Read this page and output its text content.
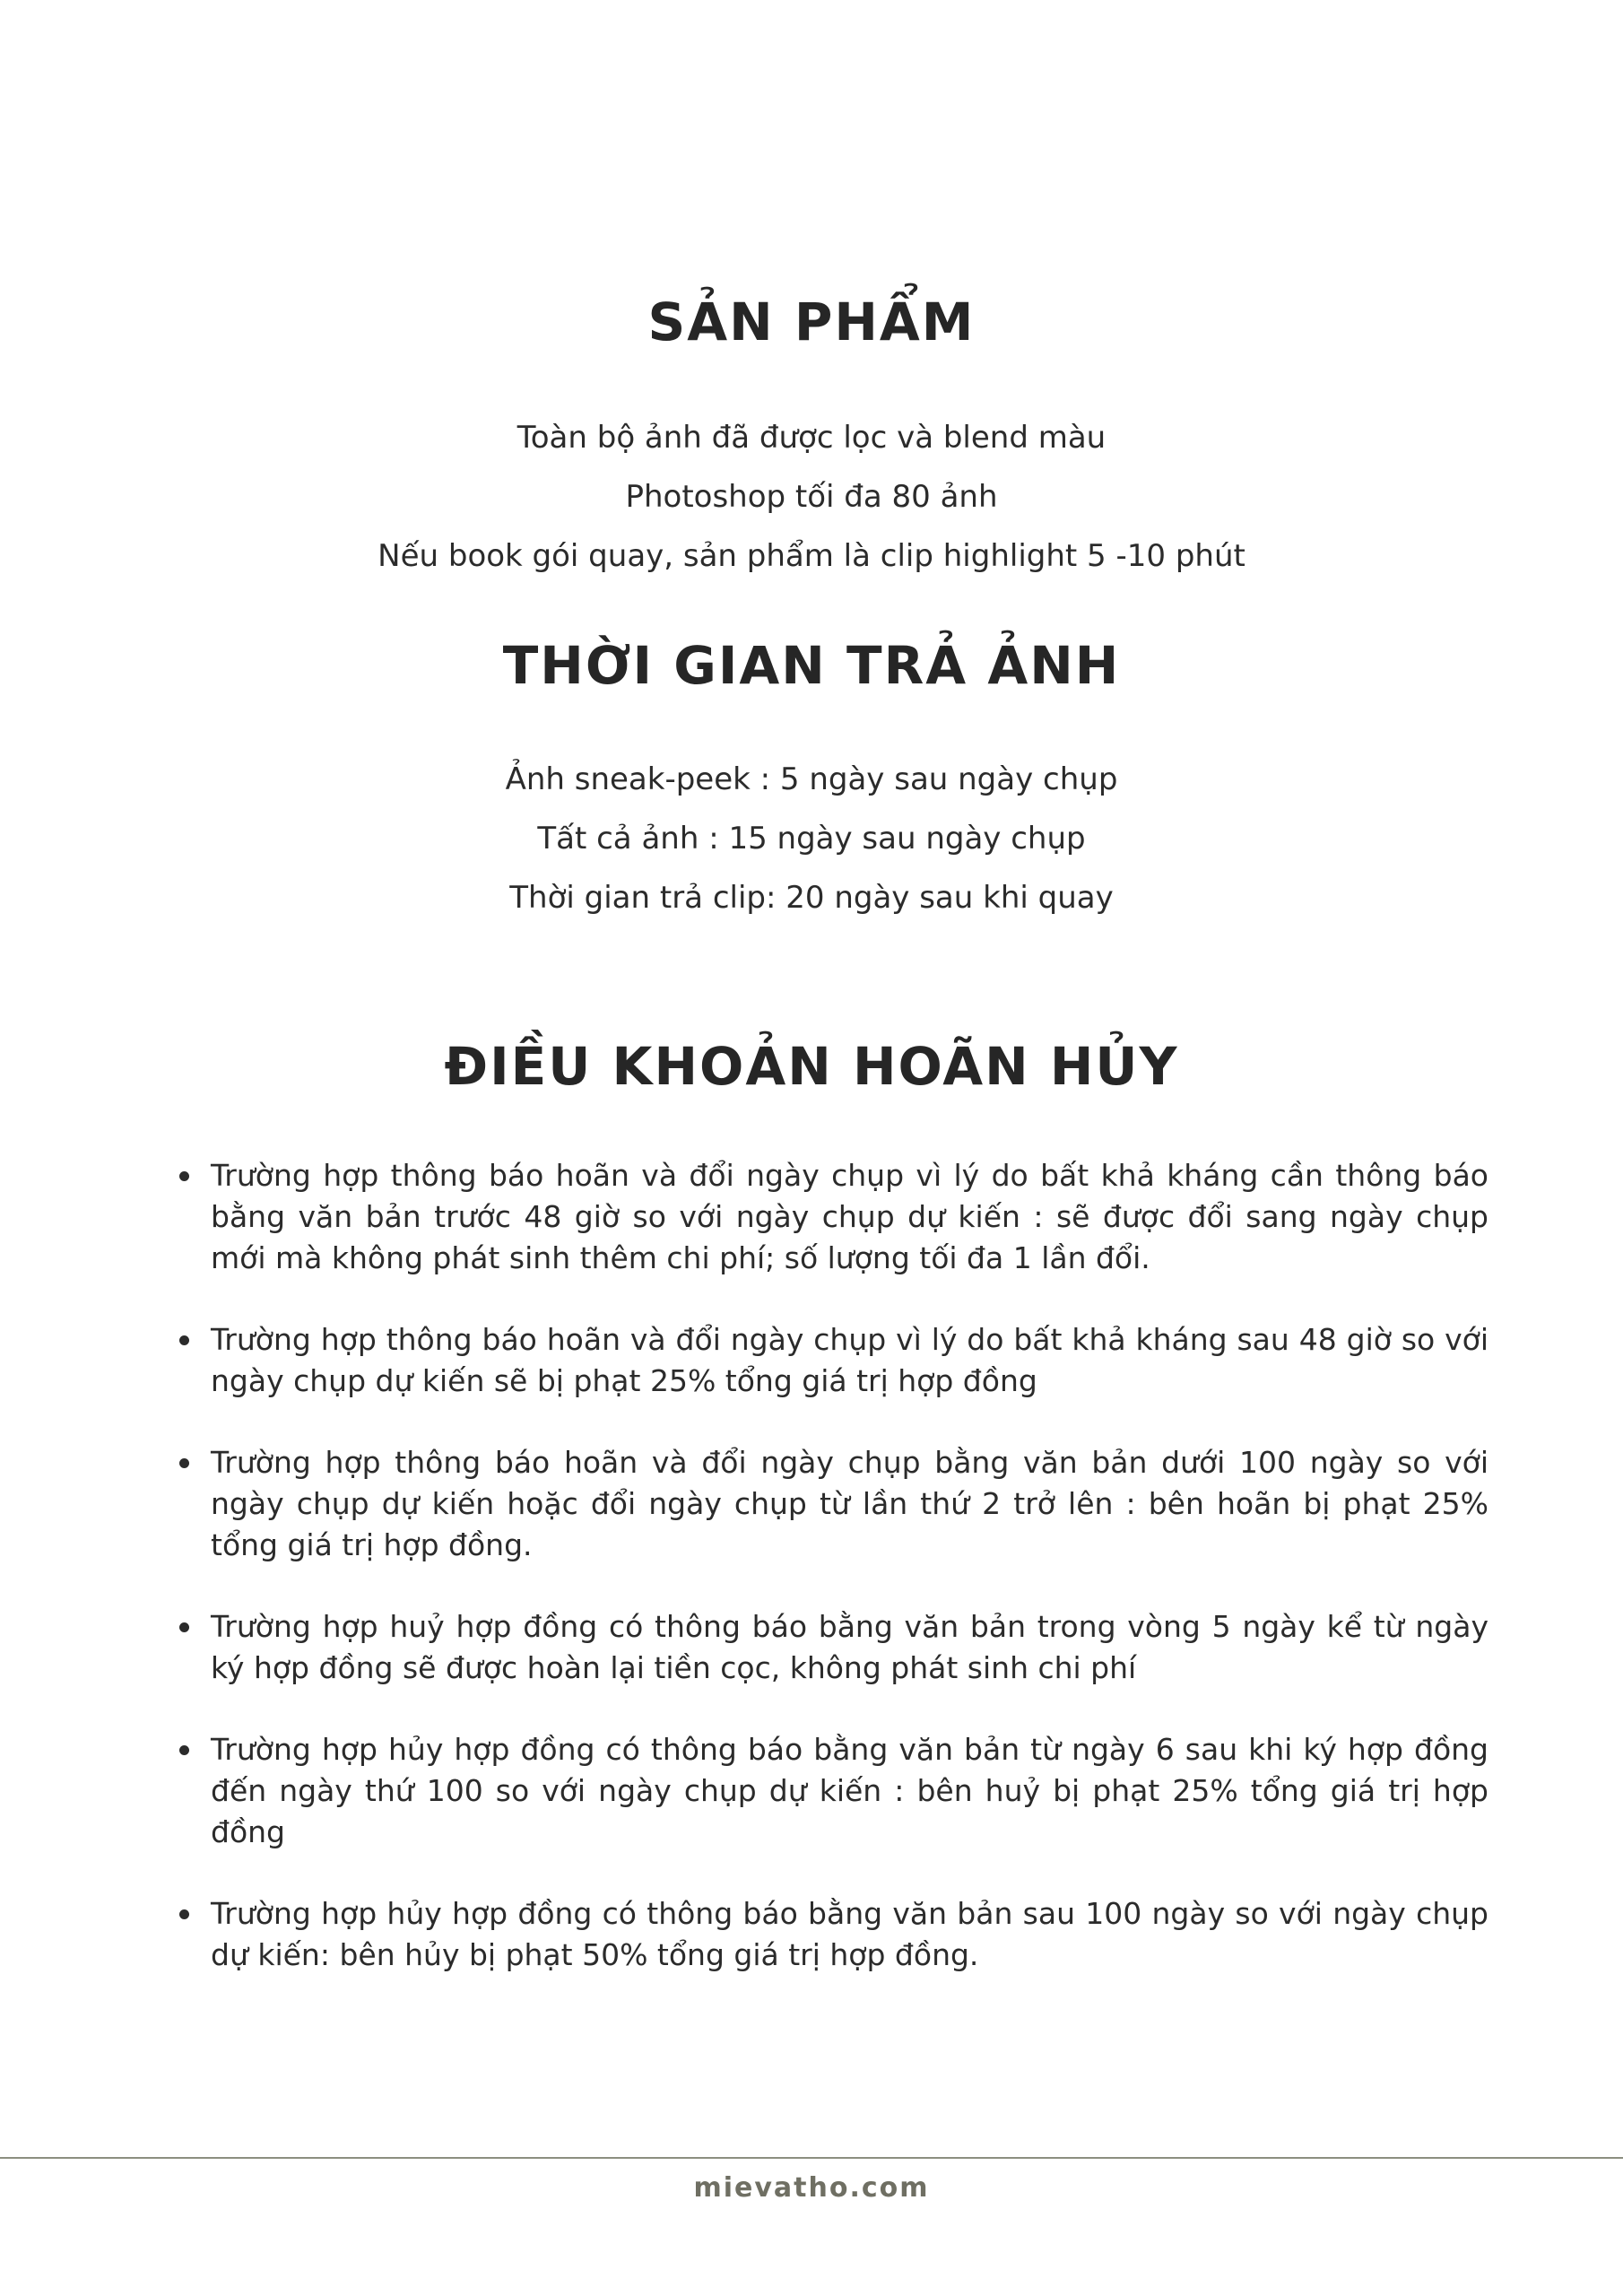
SẢN PHẨM
Toàn bộ ảnh đã được lọc và blend màu
Photoshop tối đa 80 ảnh
Nếu book gói quay, sản phẩm là clip highlight 5 -10 phút
THỜI GIAN TRẢ ẢNH
Ảnh sneak-peek : 5 ngày sau ngày chụp
Tất cả ảnh : 15 ngày sau ngày chụp
Thời gian trả clip: 20 ngày sau khi quay
ĐIỀU KHOẢN HOÃN HỦY
Trường hợp thông báo hoãn và đổi ngày chụp vì lý do bất khả kháng cần thông báo bằng văn bản trước 48 giờ so với ngày chụp dự kiến : sẽ được đổi sang ngày chụp mới mà không phát sinh thêm chi phí; số lượng tối đa 1 lần đổi.
Trường hợp thông báo hoãn và đổi ngày chụp vì lý do bất khả kháng sau 48 giờ so với ngày chụp dự kiến sẽ bị phạt 25% tổng giá trị hợp đồng
Trường hợp thông báo hoãn và đổi ngày chụp bằng văn bản dưới 100 ngày so với ngày chụp dự kiến hoặc đổi ngày chụp từ lần thứ 2 trở lên : bên hoãn bị phạt 25% tổng giá trị hợp đồng.
Trường hợp huỷ hợp đồng có thông báo bằng văn bản trong vòng 5 ngày kể từ ngày ký hợp đồng sẽ được hoàn lại tiền cọc, không phát sinh chi phí
Trường hợp hủy hợp đồng có thông báo bằng văn bản từ ngày 6 sau khi ký hợp đồng đến ngày thứ 100 so với ngày chụp dự kiến : bên huỷ bị phạt 25% tổng giá trị hợp đồng
Trường hợp hủy hợp đồng có thông báo bằng văn bản sau 100 ngày so với ngày chụp dự kiến: bên hủy bị phạt 50% tổng giá trị hợp đồng.
mievatho.com
